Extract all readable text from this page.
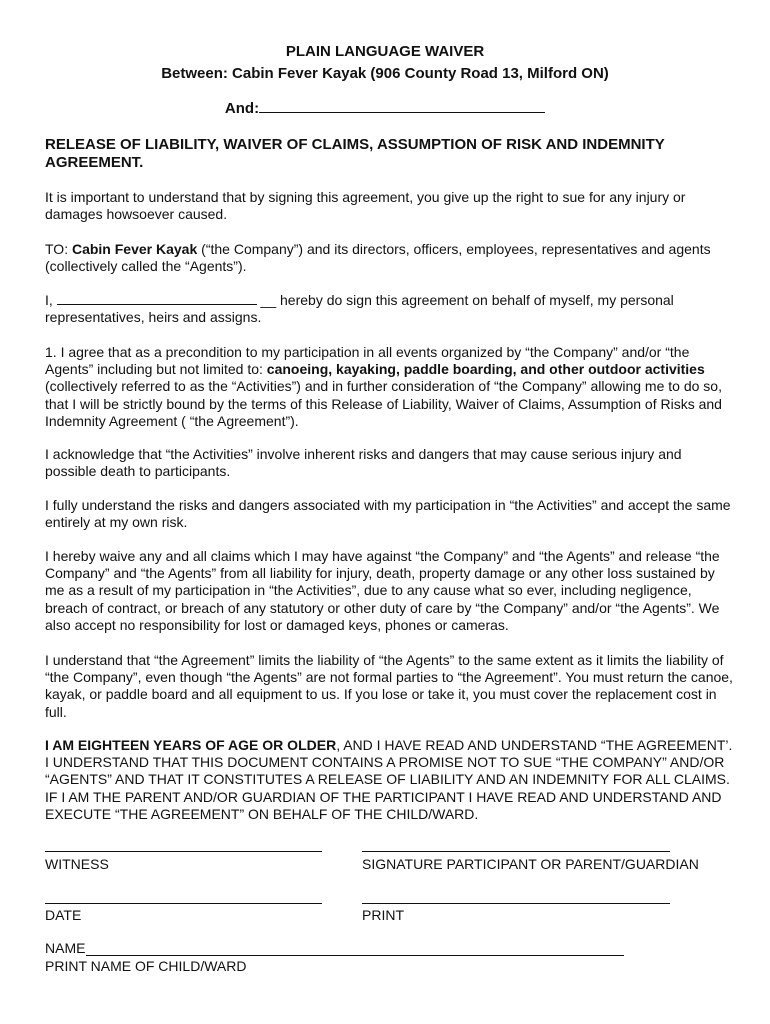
PLAIN LANGUAGE WAIVER
Between: Cabin Fever Kayak (906 County Road 13, Milford ON)
And:
RELEASE OF LIABILITY, WAIVER OF CLAIMS, ASSUMPTION OF RISK AND INDEMNITY AGREEMENT.
It is important to understand that by signing this agreement, you give up the right to sue for any injury or damages howsoever caused.
TO: Cabin Fever Kayak (“the Company”) and its directors, officers, employees, representatives and agents (collectively called the “Agents”).
I,	__ hereby do sign this agreement on behalf of myself, my personal representatives, heirs and assigns.
1. I agree that as a precondition to my participation in all events organized by “the Company” and/or “the Agents” including but not limited to: canoeing, kayaking, paddle boarding, and other outdoor activities (collectively referred to as the “Activities”) and in further consideration of “the Company” allowing me to do so, that I will be strictly bound by the terms of this Release of Liability, Waiver of Claims, Assumption of Risks and Indemnity Agreement ( “the Agreement”).
I acknowledge that “the Activities” involve inherent risks and dangers that may cause serious injury and possible death to participants.
I fully understand the risks and dangers associated with my participation in “the Activities” and accept the same entirely at my own risk.
I hereby waive any and all claims which I may have against “the Company” and “the Agents” and release “the Company” and “the Agents” from all liability for injury, death, property damage or any other loss sustained by me as a result of my participation in “the Activities”, due to any cause what so ever, including negligence, breach of contract, or breach of any statutory or other duty of care by “the Company” and/or “the Agents”. We also accept no responsibility for lost or damaged keys, phones or cameras.
I understand that “the Agreement” limits the liability of “the Agents” to the same extent as it limits the liability of “the Company”, even though “the Agents” are not formal parties to “the Agreement”. You must return the canoe, kayak, or paddle board and all equipment to us. If you lose or take it, you must cover the replacement cost in full.
I AM EIGHTEEN YEARS OF AGE OR OLDER, AND I HAVE READ AND UNDERSTAND “THE AGREEMENT’. I UNDERSTAND THAT THIS DOCUMENT CONTAINS A PROMISE NOT TO SUE “THE COMPANY” AND/OR “AGENTS” AND THAT IT CONSTITUTES A RELEASE OF LIABILITY AND AN INDEMNITY FOR ALL CLAIMS. IF I AM THE PARENT AND/OR GUARDIAN OF THE PARTICIPANT I HAVE READ AND UNDERSTAND AND EXECUTE “THE AGREEMENT” ON BEHALF OF THE CHILD/WARD.
WITNESS	SIGNATURE PARTICIPANT OR PARENT/GUARDIAN
DATE	PRINT
NAME
PRINT NAME OF CHILD/WARD
